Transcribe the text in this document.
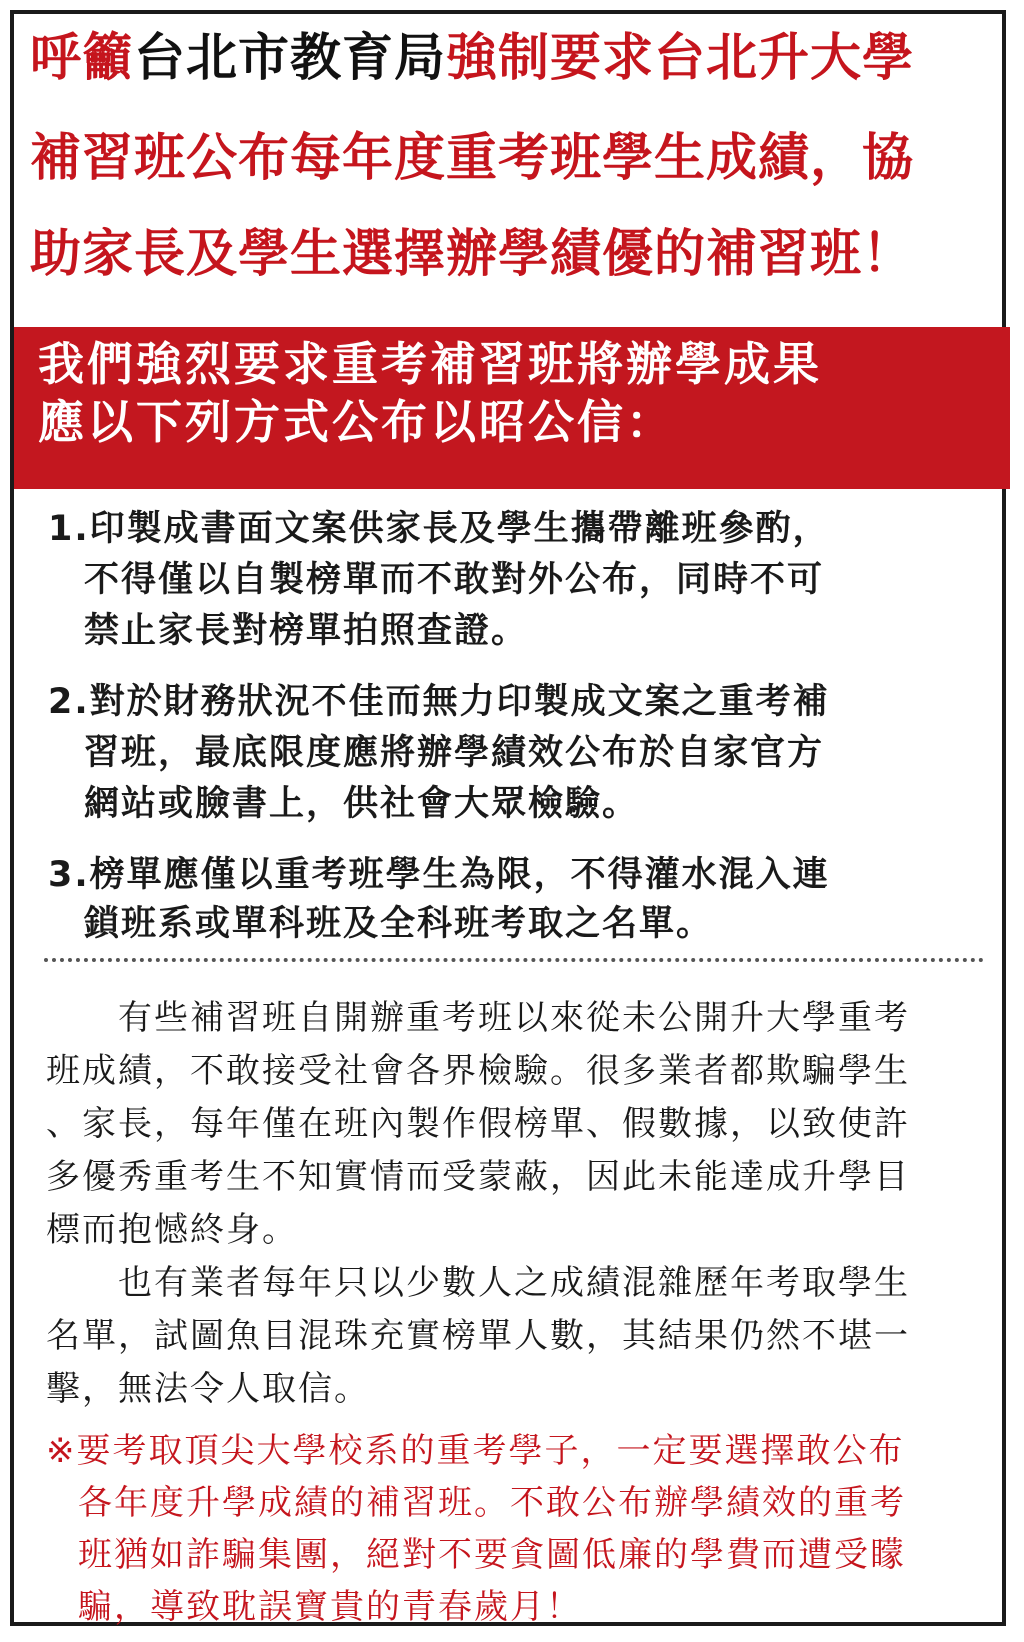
呼籲台北市教育局強制要求台北升大學
補習班公布每年度重考班學生成績，協
助家長及學生選擇辦學績優的補習班！
我們強烈要求重考補習班將辦學成果
應以下列方式公布以昭公信：
1.印製成書面文案供家長及學生攜帶離班參酌，
不得僅以自製榜單而不敢對外公布，同時不可
禁止家長對榜單拍照查證。
2.對於財務狀況不佳而無力印製成文案之重考補
習班，最底限度應將辦學績效公布於自家官方
網站或臉書上，供社會大眾檢驗。
3.榜單應僅以重考班學生為限，不得灌水混入連
鎖班系或單科班及全科班考取之名單。
　　有些補習班自開辦重考班以來從未公開升大學重考
班成績，不敢接受社會各界檢驗。很多業者都欺騙學生
、家長，每年僅在班內製作假榜單、假數據，以致使許
多優秀重考生不知實情而受蒙蔽，因此未能達成升學目
標而抱憾終身。
　　也有業者每年只以少數人之成績混雜歷年考取學生
名單，試圖魚目混珠充實榜單人數，其結果仍然不堪一
擊，無法令人取信。
※要考取頂尖大學校系的重考學子，一定要選擇敢公布
各年度升學成績的補習班。不敢公布辦學績效的重考
班猶如詐騙集團，絕對不要貪圖低廉的學費而遭受矇
騙，導致耽誤寶貴的青春歲月！
